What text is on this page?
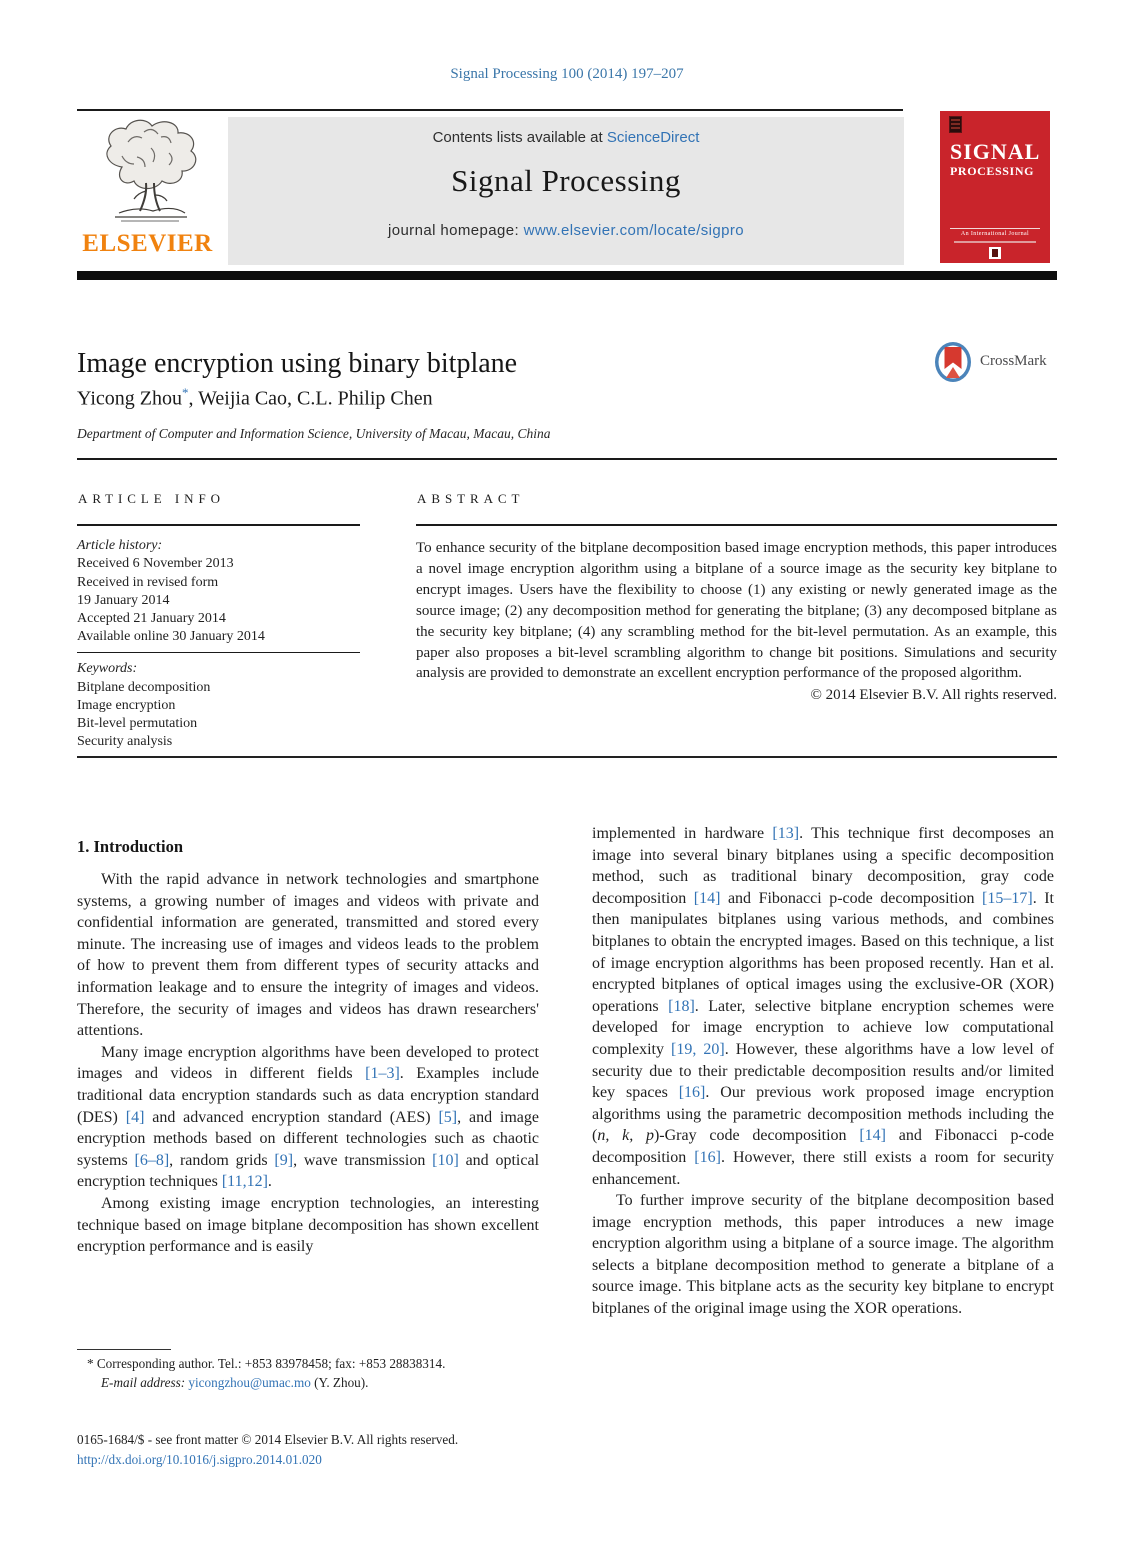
Signal Processing 100 (2014) 197–207
ELSEVIER
Contents lists available at ScienceDirect
Signal Processing
journal homepage: www.elsevier.com/locate/sigpro
SIGNAL
PROCESSING
An International Journal
Image encryption using binary bitplane	CrossMark
Yicong Zhou*, Weijia Cao, C.L. Philip Chen
Department of Computer and Information Science, University of Macau, Macau, China
ARTICLE INFO	ABSTRACT
Article history:
Received 6 November 2013
Received in revised form
19 January 2014
Accepted 21 January 2014
Available online 30 January 2014
Keywords:
Bitplane decomposition
Image encryption
Bit-level permutation
Security analysis
To enhance security of the bitplane decomposition based image encryption methods, this paper introduces a novel image encryption algorithm using a bitplane of a source image as the security key bitplane to encrypt images. Users have the flexibility to choose (1) any existing or newly generated image as the source image; (2) any decomposition method for generating the bitplane; (3) any decomposed bitplane as the security key bitplane; (4) any scrambling method for the bit-level permutation. As an example, this paper also proposes a bit-level scrambling algorithm to change bit positions. Simulations and security analysis are provided to demonstrate an excellent encryption performance of the proposed algorithm.
© 2014 Elsevier B.V. All rights reserved.
1. Introduction

With the rapid advance in network technologies and smartphone systems, a growing number of images and videos with private and confidential information are generated, transmitted and stored every minute. The increasing use of images and videos leads to the problem of how to prevent them from different types of security attacks and information leakage and to ensure the integrity of images and videos. Therefore, the security of images and videos has drawn researchers' attentions.

Many image encryption algorithms have been developed to protect images and videos in different fields [1–3]. Examples include traditional data encryption standards such as data encryption standard (DES) [4] and advanced encryption standard (AES) [5], and image encryption methods based on different technologies such as chaotic systems [6–8], random grids [9], wave transmission [10] and optical encryption techniques [11,12].

Among existing image encryption technologies, an interesting technique based on image bitplane decomposition has shown excellent encryption performance and is easily

implemented in hardware [13]. This technique first decomposes an image into several binary bitplanes using a specific decomposition method, such as traditional binary decomposition, gray code decomposition [14] and Fibonacci p-code decomposition [15–17]. It then manipulates bitplanes using various methods, and combines bitplanes to obtain the encrypted images. Based on this technique, a list of image encryption algorithms has been proposed recently. Han et al. encrypted bitplanes of optical images using the exclusive-OR (XOR) operations [18]. Later, selective bitplane encryption schemes were developed for image encryption to achieve low computational complexity [19, 20]. However, these algorithms have a low level of security due to their predictable decomposition results and/or limited key spaces [16]. Our previous work proposed image encryption algorithms using the parametric decomposition methods including the (n, k, p)-Gray code decomposition [14] and Fibonacci p-code decomposition [16]. However, there still exists a room for security enhancement.

To further improve security of the bitplane decomposition based image encryption methods, this paper introduces a new image encryption algorithm using a bitplane of a source image. The algorithm selects a bitplane decomposition method to generate a bitplane of a source image. This bitplane acts as the security key bitplane to encrypt bitplanes of the original image using the XOR operations.

* Corresponding author. Tel.: +853 83978458; fax: +853 28838314.
E-mail address: yicongzhou@umac.mo (Y. Zhou).
0165-1684/$ - see front matter © 2014 Elsevier B.V. All rights reserved.
http://dx.doi.org/10.1016/j.sigpro.2014.01.020
